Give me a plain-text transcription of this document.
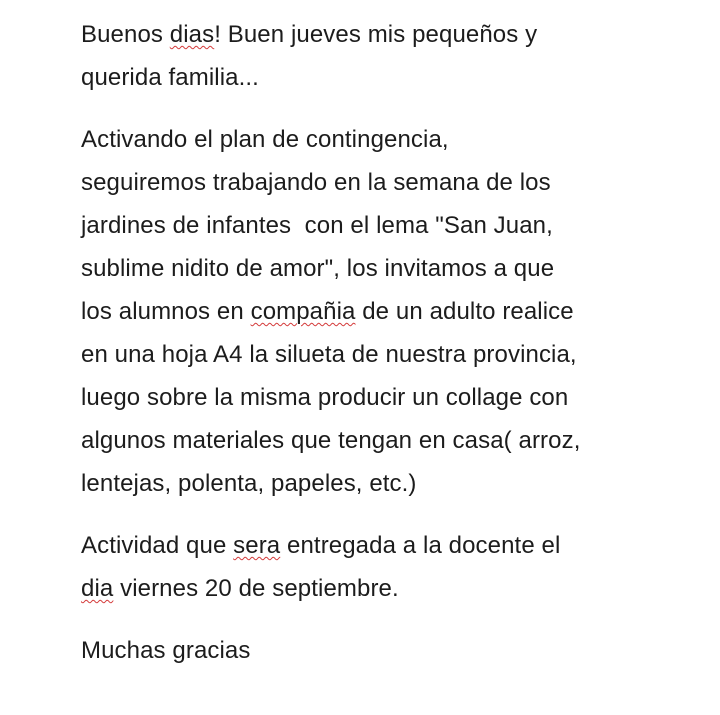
Buenos dias! Buen jueves mis pequeños y
querida familia...

Activando el plan de contingencia,
seguiremos trabajando en la semana de los
jardines de infantes  con el lema "San Juan,
sublime nidito de amor", los invitamos a que
los alumnos en compañia de un adulto realice
en una hoja A4 la silueta de nuestra provincia,
luego sobre la misma producir un collage con
algunos materiales que tengan en casa( arroz,
lentejas, polenta, papeles, etc.)

Actividad que sera entregada a la docente el
dia viernes 20 de septiembre.

Muchas gracias
